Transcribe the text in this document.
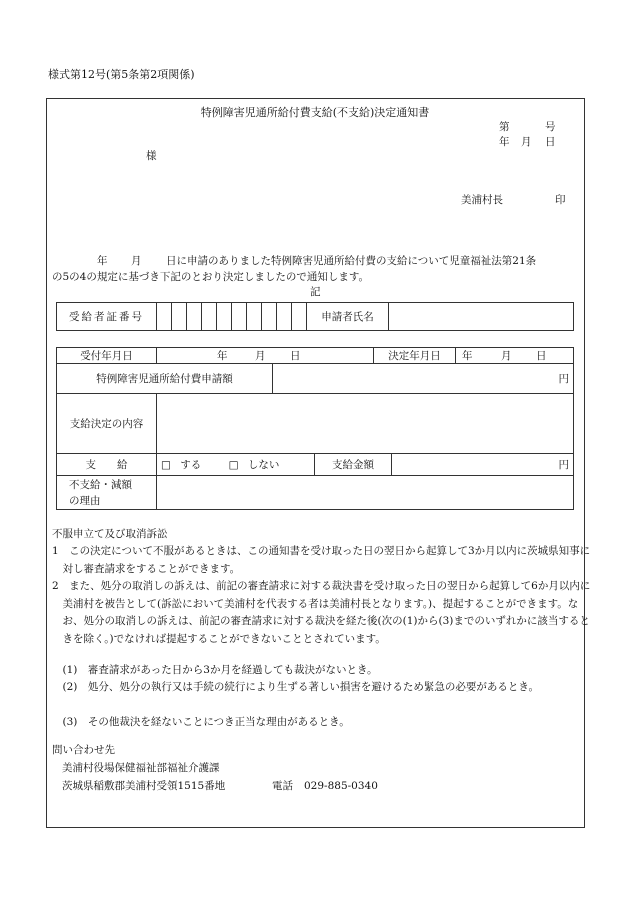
様式第12号(第5条第2項関係)
特例障害児通所給付費支給(不支給)決定通知書
第	号
年 月 日
様
美浦村長	印
年 月 日に申請のありました特例障害児通所給付費の支給について児童福祉法第21条
の5の4の規定に基づき下記のとおり決定しましたので通知します。
記
受給者証番号											申請者氏名	
受付年月日	年 月 日			決定年月日		年 月 日

特例障害児通所給付費申請額		円				
支給決定の内容						
支　　給	□ する □ しない		支給金額		円	

不支給・減額
の理由						

不服申立て及び取消訴訟
1　この決定について不服があるときは、この通知書を受け取った日の翌日から起算して3か月以内に茨城県知事に対し審査請求をすることができます。
2　また、処分の取消しの訴えは、前記の審査請求に対する裁決書を受け取った日の翌日から起算して6か月以内に美浦村を被告として(訴訟において美浦村を代表する者は美浦村長となります。)、提起することができます。なお、処分の取消しの訴えは、前記の審査請求に対する裁決を経た後(次の(1)から(3)までのいずれかに該当するときを除く。)でなければ提起することができないこととされています。
(1)　審査請求があった日から3か月を経過しても裁決がないとき。
(2)　処分、処分の執行又は手続の続行により生ずる著しい損害を避けるため緊急の必要があるとき。
(3)　その他裁決を経ないことにつき正当な理由があるとき。
問い合わせ先
美浦村役場保健福祉部福祉介護課
茨城県稲敷郡美浦村受領1515番地	電話 029-885-0340
